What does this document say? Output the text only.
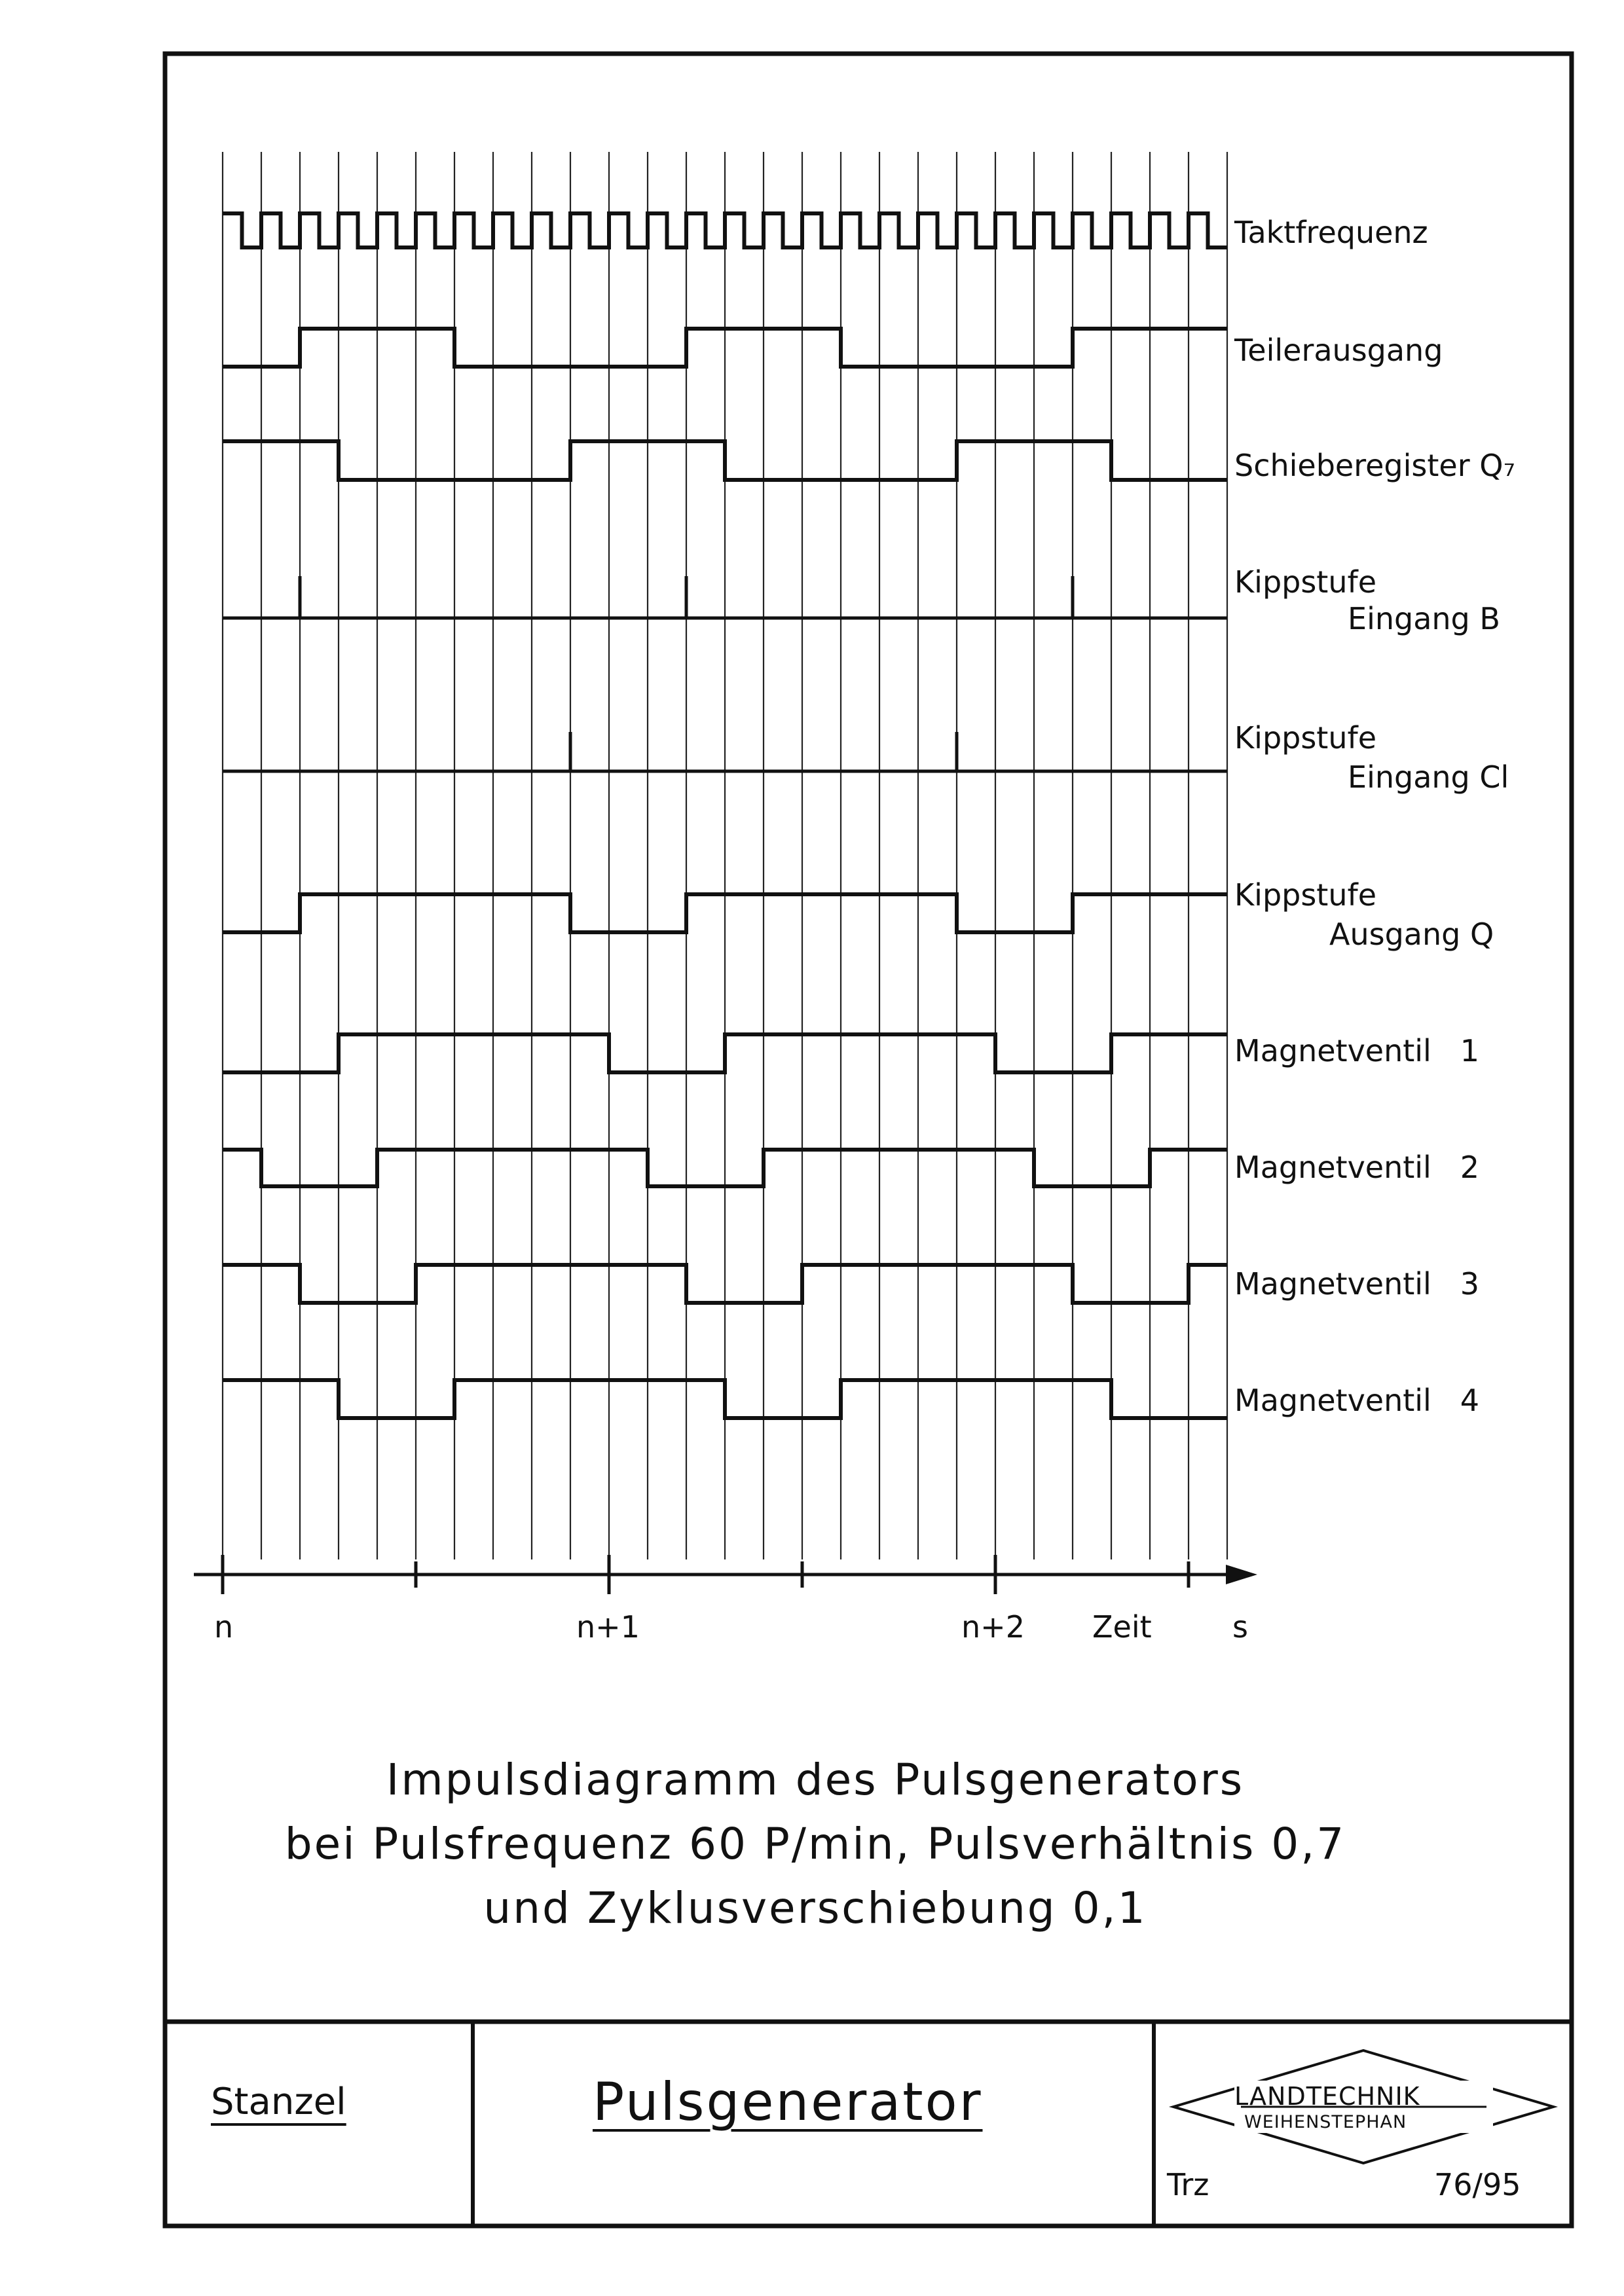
Taktfrequenz
Teilerausgang
Schieberegister Q₇
Kippstufe
Eingang B
Kippstufe
Eingang Cl
Kippstufe
Ausgang Q
Magnetventil   1
Magnetventil   2
Magnetventil   3
Magnetventil   4
n	n+1	n+2 Zeit	s
Impulsdiagramm des Pulsgenerators
bei Pulsfrequenz 60 P/min, Pulsverhältnis 0,7
und Zyklusverschiebung 0,1
Stanzel	Pulsgenerator	LANDTECHNIK
WEIHENSTEPHAN
Trz	76/95
